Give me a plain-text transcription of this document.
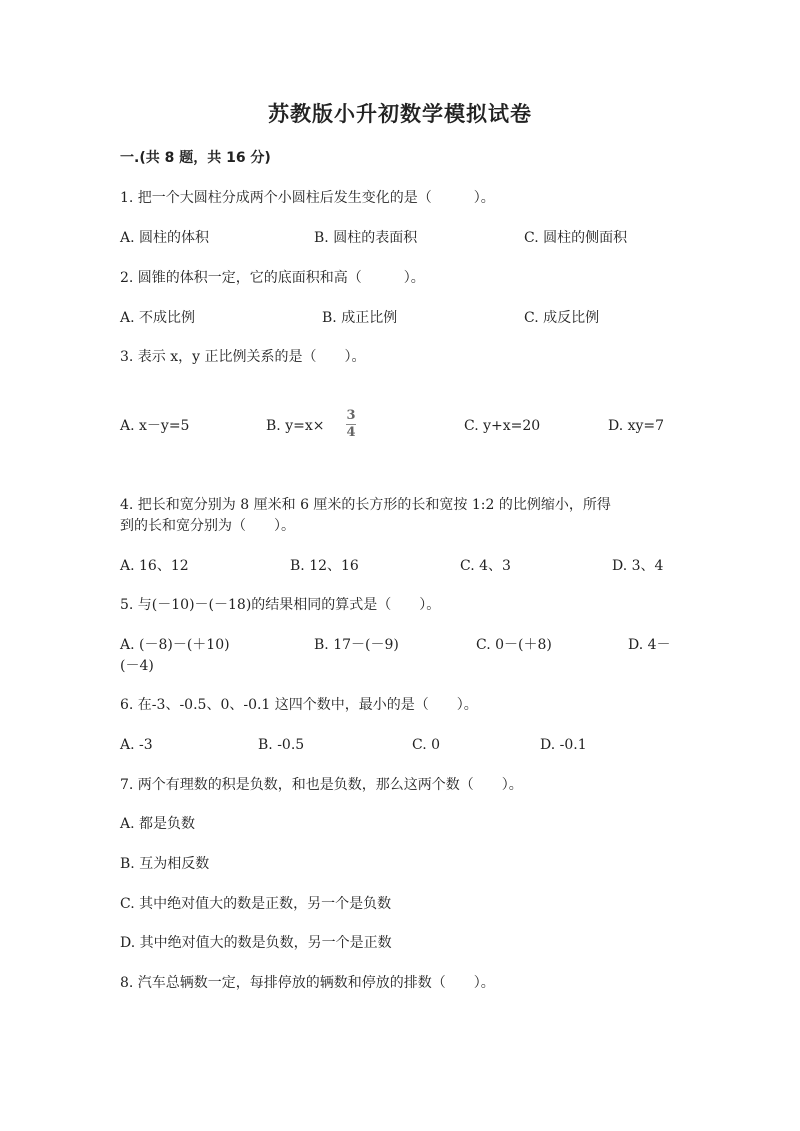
苏教版小升初数学模拟试卷
一.(共 8 题，共 16 分)
1. 把一个大圆柱分成两个小圆柱后发生变化的是（　　　）。
A. 圆柱的体积	B. 圆柱的表面积	C. 圆柱的侧面积
2. 圆锥的体积一定，它的底面积和高（　　　）。
A. 不成比例	B. 成正比例	C. 成反比例
3. 表示 x，y 正比例关系的是（　　）。
A. x－y=5	B. y=x×
3
4	C. y+x=20	D. xy=7
4. 把长和宽分别为 8 厘米和 6 厘米的长方形的长和宽按 1:2 的比例缩小，所得
到的长和宽分别为（　　）。
A. 16、12	B. 12、16	C. 4、3	D. 3、4
5. 与(－10)－(－18)的结果相同的算式是（　　）。
A. (－8)－(＋10)	B. 17－(－9)	C. 0－(＋8)	D. 4－
(－4)
6. 在-3、-0.5、0、-0.1 这四个数中，最小的是（　　）。
A. -3	B. -0.5	C. 0	D. -0.1
7. 两个有理数的积是负数，和也是负数，那么这两个数（　　）。
A. 都是负数
B. 互为相反数
C. 其中绝对值大的数是正数，另一个是负数
D. 其中绝对值大的数是负数，另一个是正数
8. 汽车总辆数一定，每排停放的辆数和停放的排数（　　）。
